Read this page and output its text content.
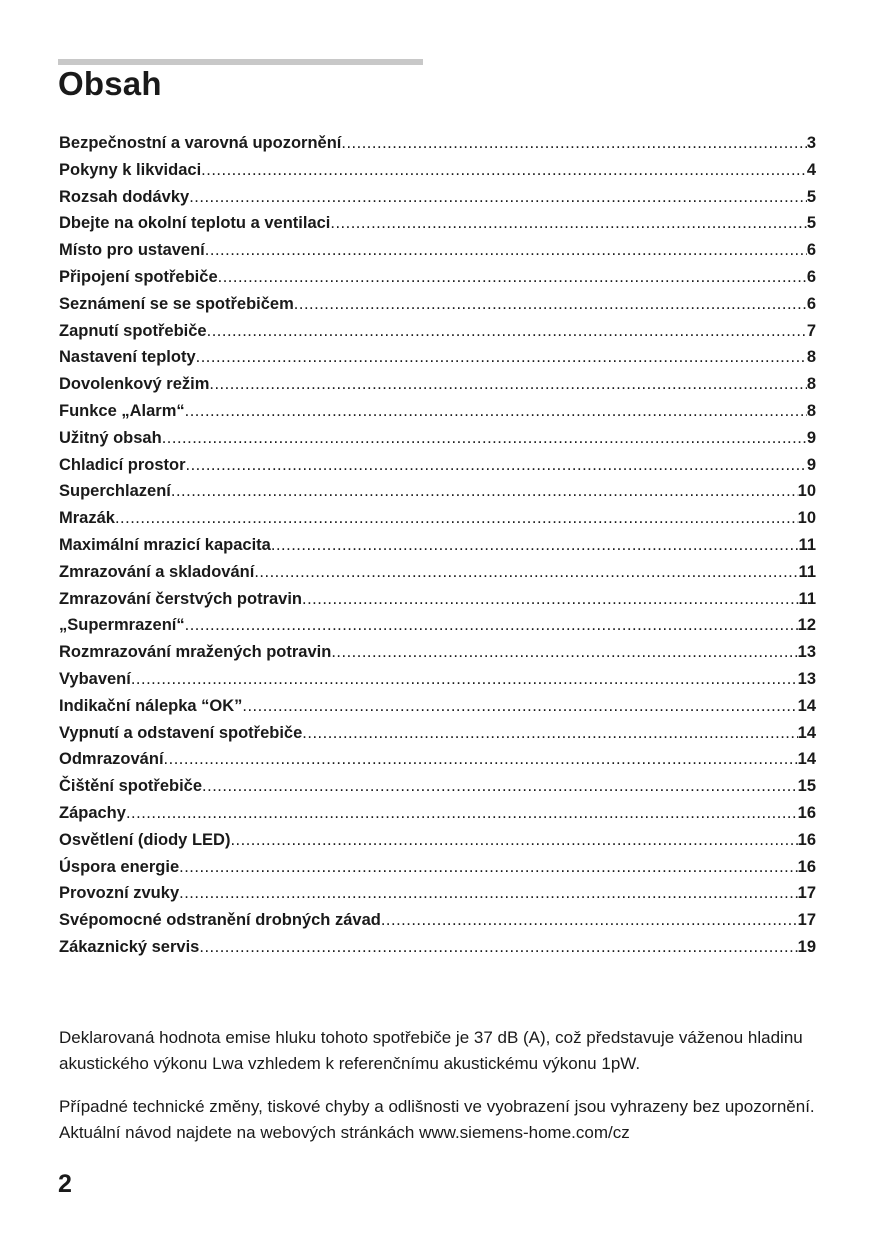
Obsah
Bezpečnostní a varovná upozornění .....	3
Pokyny k likvidaci .....	4
Rozsah dodávky .....	5
Dbejte na okolní teplotu a ventilaci .....	5
Místo pro ustavení .....	6
Připojení spotřebiče .....	6
Seznámení se se spotřebičem .....	6
Zapnutí spotřebiče .....	7
Nastavení teploty .....	8
Dovolenkový režim .....	8
Funkce „Alarm“ .....	8
Užitný obsah .....	9
Chladicí prostor .....	9
Superchlazení .....	10
Mrazák .....	10
Maximální mrazicí kapacita .....	11
Zmrazování a skladování .....	11
Zmrazování čerstvých potravin .....	11
„Supermrazení“ .....	12
Rozmrazování mražených potravin .....	13
Vybavení .....	13
Indikační nálepka “OK” .....	14
Vypnutí a odstavení spotřebiče .....	14
Odmrazování .....	14
Čištění spotřebiče .....	15
Zápachy .....	16
Osvětlení (diody LED) .....	16
Úspora energie .....	16
Provozní zvuky .....	17
Svépomocné odstranění drobných závad .....	17
Zákaznický servis .....	19

Deklarovaná hodnota emise hluku tohoto spotřebiče je 37 dB (A), což představuje váženou hladinu akustického výkonu Lwa vzhledem k referenčnímu akustickému výkonu 1pW.

Případné technické změny, tiskové chyby a odlišnosti ve vyobrazení jsou vyhrazeny bez upozornění. Aktuální návod najdete na webových stránkách www.siemens-home.com/cz

2
